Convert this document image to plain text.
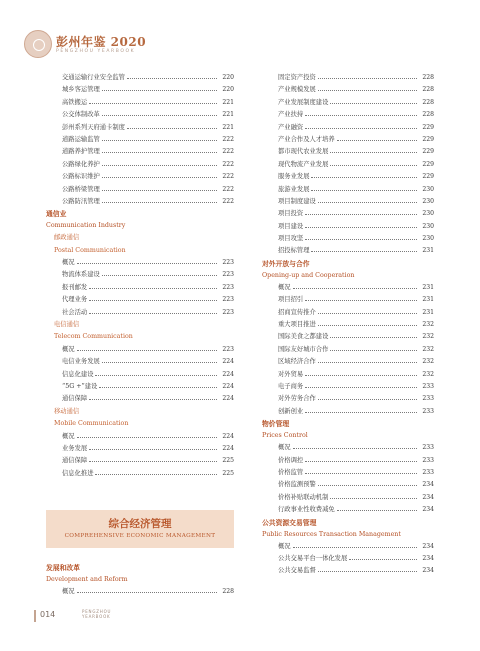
彭州年鉴 2020
PENGZHOU YEARBOOK
交通运输行业安全监管	220
城乡客运管理	220
高铁搬运	221
公交体制改革	221
彭州系列天府通卡制度	221
道路运输监管	222
道路养护管理	222
公路绿化养护	222
公路标识维护	222
公路桥梁管理	222
公路防汛管理	222
通信业
Communication Industry
邮政通信
Postal Communication
概况	223
物流体系建设	223
报刊邮发	223
代理业务	223
社会活动	223
电信通信
Telecom Communication
概况	223
电信业务发展	224
信息化建设	224
“5G +”建设	224
通信保障	224
移动通信
Mobile Communication
概况	224
业务发展	224
通信保障	225
信息化推进	225
综合经济管理
COMPREHENSIVE ECONOMIC MANAGEMENT
发展和改革
Development and Reform
概况	228
固定资产投资	228
产业规模发展	228
产业发展制度建设	228
产业扶持	228
产业融资	229
产业合作及人才培养	229
都市现代农业发展	229
现代物流产业发展	229
服务业发展	229
旅游业发展	230
项目制度建设	230
项目投资	230
项目建设	230
项目攻坚	230
招投标管理	231
对外开放与合作
Opening-up and Cooperation
概况	231
项目招引	231
招商宣传推介	231
重大项目推进	232
国际美食之都建设	232
国际友好城市合作	232
区域经济合作	232
对外贸易	232
电子商务	233
对外劳务合作	233
创新创业	233
物价管理
Prices Control
概况	233
价格调控	233
价格监管	233
价格监测预警	234
价格补贴联动机制	234
行政事业性收费减免	234
公共资源交易管理
Public Resources Transaction Management
概况	234
公共交易平台一体化发展	234
公共交易监督	234
014	PENGZHOU
YEARBOOK
